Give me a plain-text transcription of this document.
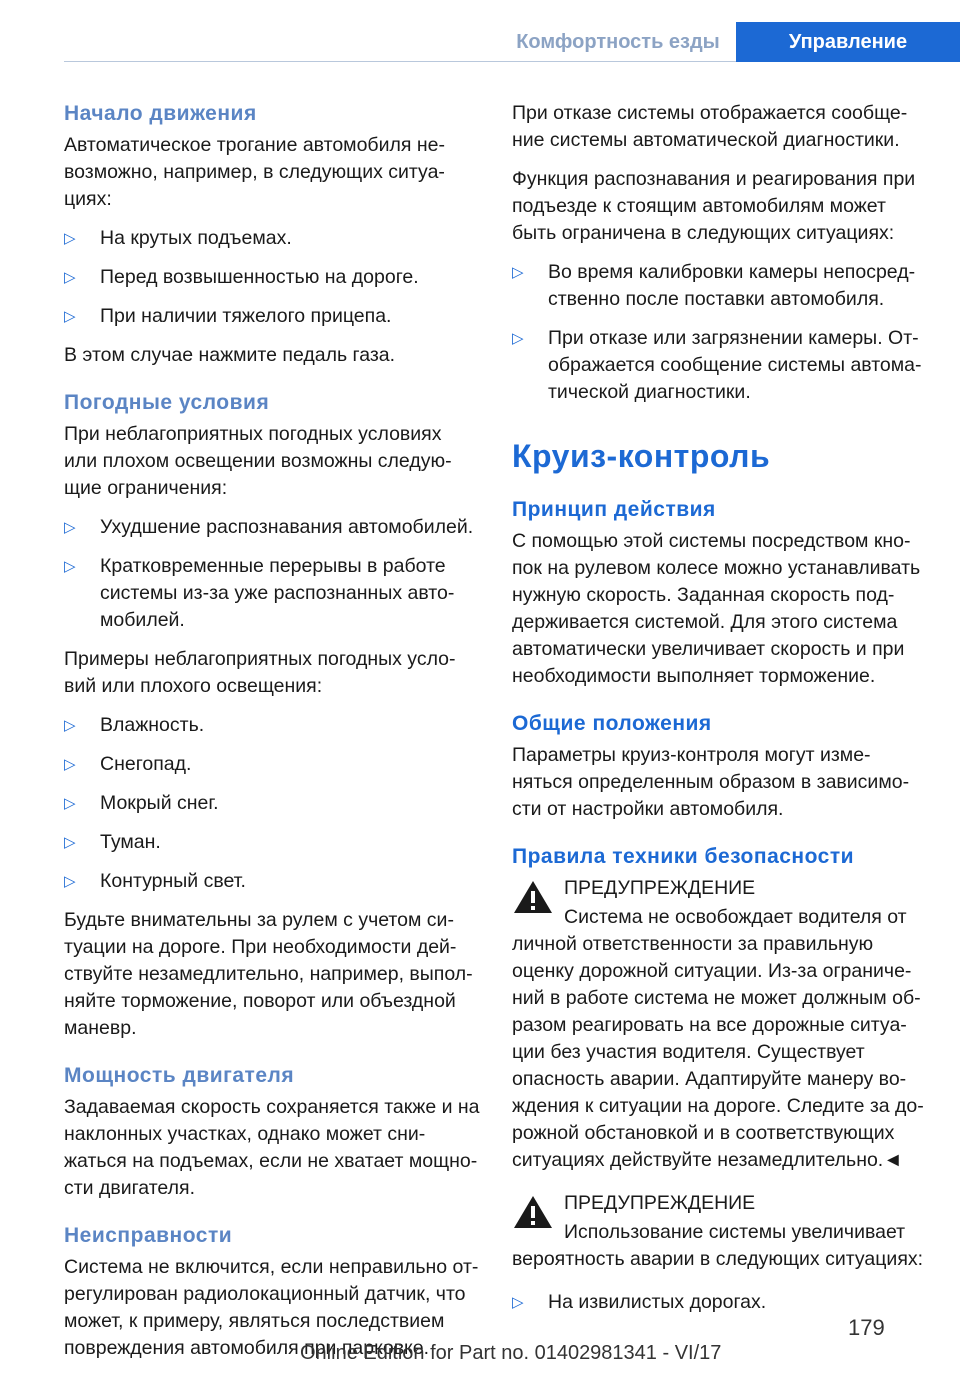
Комфортность езды	Управление
Начало движения

Автоматическое трогание автомобиля не-возможно, например, в следующих ситуа-циях:

▷ На крутых подъемах.
▷ Перед возвышенностью на дороге.
▷ При наличии тяжелого прицепа.

В этом случае нажмите педаль газа.

Погодные условия

При неблагоприятных погодных условиях или плохом освещении возможны следую-щие ограничения:

▷ Ухудшение распознавания автомобилей.
▷ Кратковременные перерывы в работе системы из-за уже распознанных авто-мобилей.

Примеры неблагоприятных погодных усло-вий или плохого освещения:

▷ Влажность.
▷ Снегопад.
▷ Мокрый снег.
▷ Туман.
▷ Контурный свет.

Будьте внимательны за рулем с учетом си-туации на дороге. При необходимости дей-ствуйте незамедлительно, например, выпол-няйте торможение, поворот или объездной маневр.

Мощность двигателя

Задаваемая скорость сохраняется также и на наклонных участках, однако может сни-жаться на подъемах, если не хватает мощно-сти двигателя.

Неисправности

Система не включится, если неправильно от-регулирован радиолокационный датчик, что может, к примеру, являться последствием повреждения автомобиля при парковке.

При отказе системы отображается сообще-ние системы автоматической диагностики.

Функция распознавания и реагирования при подъезде к стоящим автомобилям может быть ограничена в следующих ситуациях:

▷ Во время калибровки камеры непосред-ственно после поставки автомобиля.
▷ При отказе или загрязнении камеры. От-ображается сообщение системы автома-тической диагностики.
Круиз-контроль
Принцип действия

С помощью этой системы посредством кно-пок на рулевом колесе можно устанавливать нужную скорость. Заданная скорость под-держивается системой. Для этого система автоматически увеличивает скорость и при необходимости выполняет торможение.

Общие положения

Параметры круиз-контроля могут изме-няться определенным образом в зависимо-сти от настройки автомобиля.

Правила техники безопасности
ПРЕДУПРЕЖДЕНИЕ
Система не освобождает водителя от
личной ответственности за правильную оценку дорожной ситуации. Из-за ограниче-ний в работе система не может должным об-разом реагировать на все дорожные ситуа-ции без участия водителя. Существует опасность аварии. Адаптируйте манеру во-ждения к ситуации на дороге. Следите за до-рожной обстановкой и в соответствующих ситуациях действуйте незамедлительно.◄
ПРЕДУПРЕЖДЕНИЕ
Использование системы увеличивает
вероятность аварии в следующих ситуациях:
▷ На извилистых дорогах.
179
Online Edition for Part no. 01402981341 - VI/17
